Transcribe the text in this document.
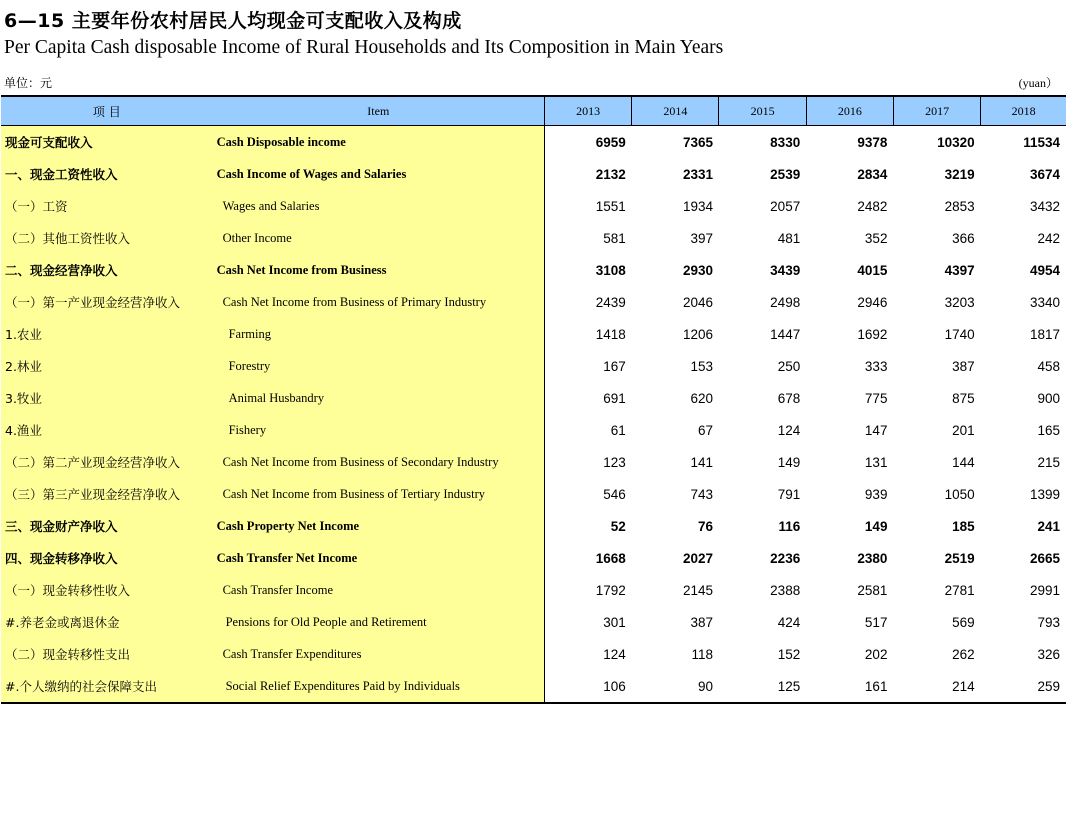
6—15 主要年份农村居民人均现金可支配收入及构成
Per Capita Cash disposable Income of Rural Households and Its Composition in Main Years
单位：元	(yuan）
项 目	Item	2013	2014	2015	2016	2017	2018
现金可支配收入	Cash Disposable income	6959	7365	8330	9378	10320	11534
一、现金工资性收入	Cash Income of Wages and Salaries	2132	2331	2539	2834	3219	3674
（一）工资	Wages and Salaries	1551	1934	2057	2482	2853	3432
（二）其他工资性收入	Other Income	581	397	481	352	366	242
二、现金经营净收入	Cash Net Income from Business	3108	2930	3439	4015	4397	4954
（一）第一产业现金经营净收入	Cash Net Income from Business of Primary Industry	2439	2046	2498	2946	3203	3340
1.农业	Farming	1418	1206	1447	1692	1740	1817
2.林业	Forestry	167	153	250	333	387	458
3.牧业	Animal Husbandry	691	620	678	775	875	900
4.渔业	Fishery	61	67	124	147	201	165
（二）第二产业现金经营净收入	Cash Net Income from Business of Secondary Industry	123	141	149	131	144	215
（三）第三产业现金经营净收入	Cash Net Income from Business of Tertiary Industry	546	743	791	939	1050	1399
三、现金财产净收入	Cash Property Net Income	52	76	116	149	185	241
四、现金转移净收入	Cash Transfer Net Income	1668	2027	2236	2380	2519	2665
（一）现金转移性收入	Cash Transfer Income	1792	2145	2388	2581	2781	2991
#.养老金或离退休金	Pensions for Old People and Retirement	301	387	424	517	569	793
（二）现金转移性支出	Cash Transfer Expenditures	124	118	152	202	262	326
#.个人缴纳的社会保障支出	Social Relief Expenditures Paid by Individuals	106	90	125	161	214	259
